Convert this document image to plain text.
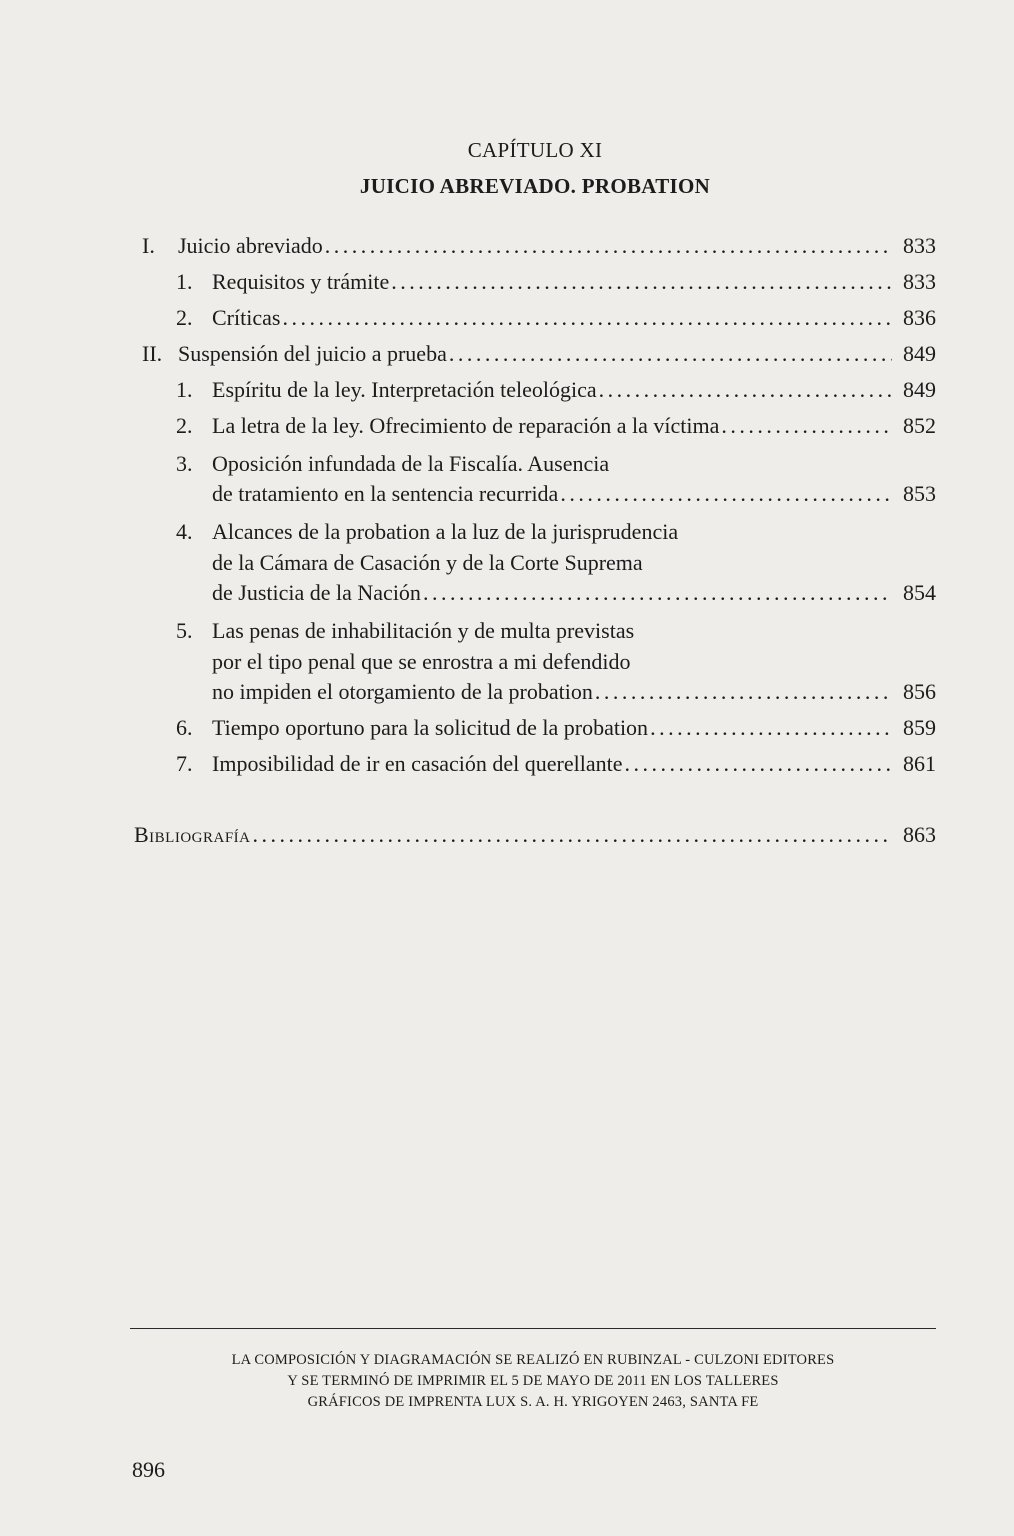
CAPÍTULO XI
JUICIO ABREVIADO. PROBATION
I.	Juicio abreviado . . .	833
1. Requisitos y trámite . . .	833
2. Críticas . . .	836
II. Suspensión del juicio a prueba . . .	849
1. Espíritu de la ley. Interpretación teleológica . . .	849
2. La letra de la ley. Ofrecimiento de reparación a la víctima . . .	852
3. Oposición infundada de la Fiscalía. Ausencia
de tratamiento en la sentencia recurrida . . .	853
4. Alcances de la probation a la luz de la jurisprudencia
de la Cámara de Casación y de la Corte Suprema
de Justicia de la Nación . . .	854
5. Las penas de inhabilitación y de multa previstas
por el tipo penal que se enrostra a mi defendido
no impiden el otorgamiento de la probation . . .	856
6. Tiempo oportuno para la solicitud de la probation . . .	859
7. Imposibilidad de ir en casación del querellante . . .	861
Bibliografía . . .	863
LA COMPOSICIÓN Y DIAGRAMACIÓN SE REALIZÓ EN RUBINZAL - CULZONI EDITORES
Y SE TERMINÓ DE IMPRIMIR EL 5 DE MAYO DE 2011 EN LOS TALLERES
GRÁFICOS DE IMPRENTA LUX S. A. H. YRIGOYEN 2463, SANTA FE
896
